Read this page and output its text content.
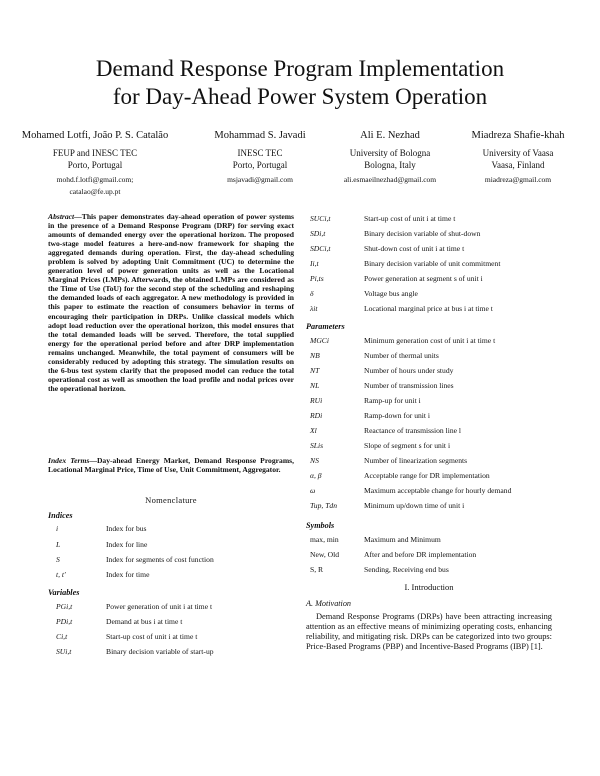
Demand Response Program Implementation
for Day-Ahead Power System Operation
Mohamed Lotfi, João P. S. Catalão
FEUP and INESC TEC
Porto, Portugal
mohd.f.lotfi@gmail.com;
catalao@fe.up.pt
Mohammad S. Javadi
INESC TEC
Porto, Portugal
msjavadi@gmail.com
Ali E. Nezhad
University of Bologna
Bologna, Italy
ali.esmaeilnezhad@gmail.com
Miadreza Shafie-khah
University of Vaasa
Vaasa, Finland
miadreza@gmail.com
Abstract—This paper demonstrates day-ahead operation of power systems in the presence of a Demand Response Program (DRP) for serving exact amounts of demanded energy over the operational horizon. The proposed two-stage model features a here-and-now framework for shaping the aggregated demands during operation. First, the day-ahead scheduling problem is solved by adopting Unit Commitment (UC) to determine the generation level of power generation units as well as the Locational Marginal Prices (LMPs). Afterwards, the obtained LMPs are considered as the Time of Use (ToU) for the second step of the scheduling and reshaping the demanded loads of each aggregator. A new methodology is provided in this paper to estimate the reaction of consumers behavior in terms of encouraging their participation in DRPs. Unlike classical models which adopt load reduction over the operational horizon, this model ensures that the total demanded loads will be served. Therefore, the total supplied energy for the operational period before and after DRP implementation remains unchanged. Meanwhile, the total payment of consumers will be considerably reduced by adopting this strategy. The simulation results on the 6-bus test system clarify that the proposed model can reduce the total operational cost as well as smoothen the load profile and nodal prices over the operational horizon.
Index Terms—Day-ahead Energy Market, Demand Response Programs, Locational Marginal Price, Time of Use, Unit Commitment, Aggregator.
Nomenclature
Indices
i	Index for bus
L	Index for line
S	Index for segments of cost function
t, t′	Index for time
Variables
PGi,t	Power generation of unit i at time t
PDi,t	Demand at bus i at time t
Ci,t	Start-up cost of unit i at time t
SUi,t	Binary decision variable of start-up
SUCi,t	Start-up cost of unit i at time t
SDi,t	Binary decision variable of shut-down
SDCi,t	Shut-down cost of unit i at time t
Ii,t	Binary decision variable of unit commitment
Pi,ts	Power generation at segment s of unit i
δ	Voltage bus angle
λit	Locational marginal price at bus i at time t
Parameters
MGCi	Minimum generation cost of unit i at time t
NB	Number of thermal units
NT	Number of hours under study
NL	Number of transmission lines
RUi	Ramp-up for unit i
RDi	Ramp-down for unit i
Xl	Reactance of transmission line l
SLis	Slope of segment s for unit i
NS	Number of linearization segments
α, β	Acceptable range for DR implementation
ω	Maximum acceptable change for hourly demand
Tup, Tdn	Minimum up/down time of unit i
Symbols
max, min	Maximum and Minimum
New, Old	After and before DR implementation
S, R	Sending, Receiving end bus
I. Introduction
A. Motivation
Demand Response Programs (DRPs) have been attracting increasing attention as an effective means of minimizing operating costs, enhancing reliability, and mitigating risk. DRPs can be categorized into two groups: Price-Based Programs (PBP) and Incentive-Based Programs (IBP) [1].
